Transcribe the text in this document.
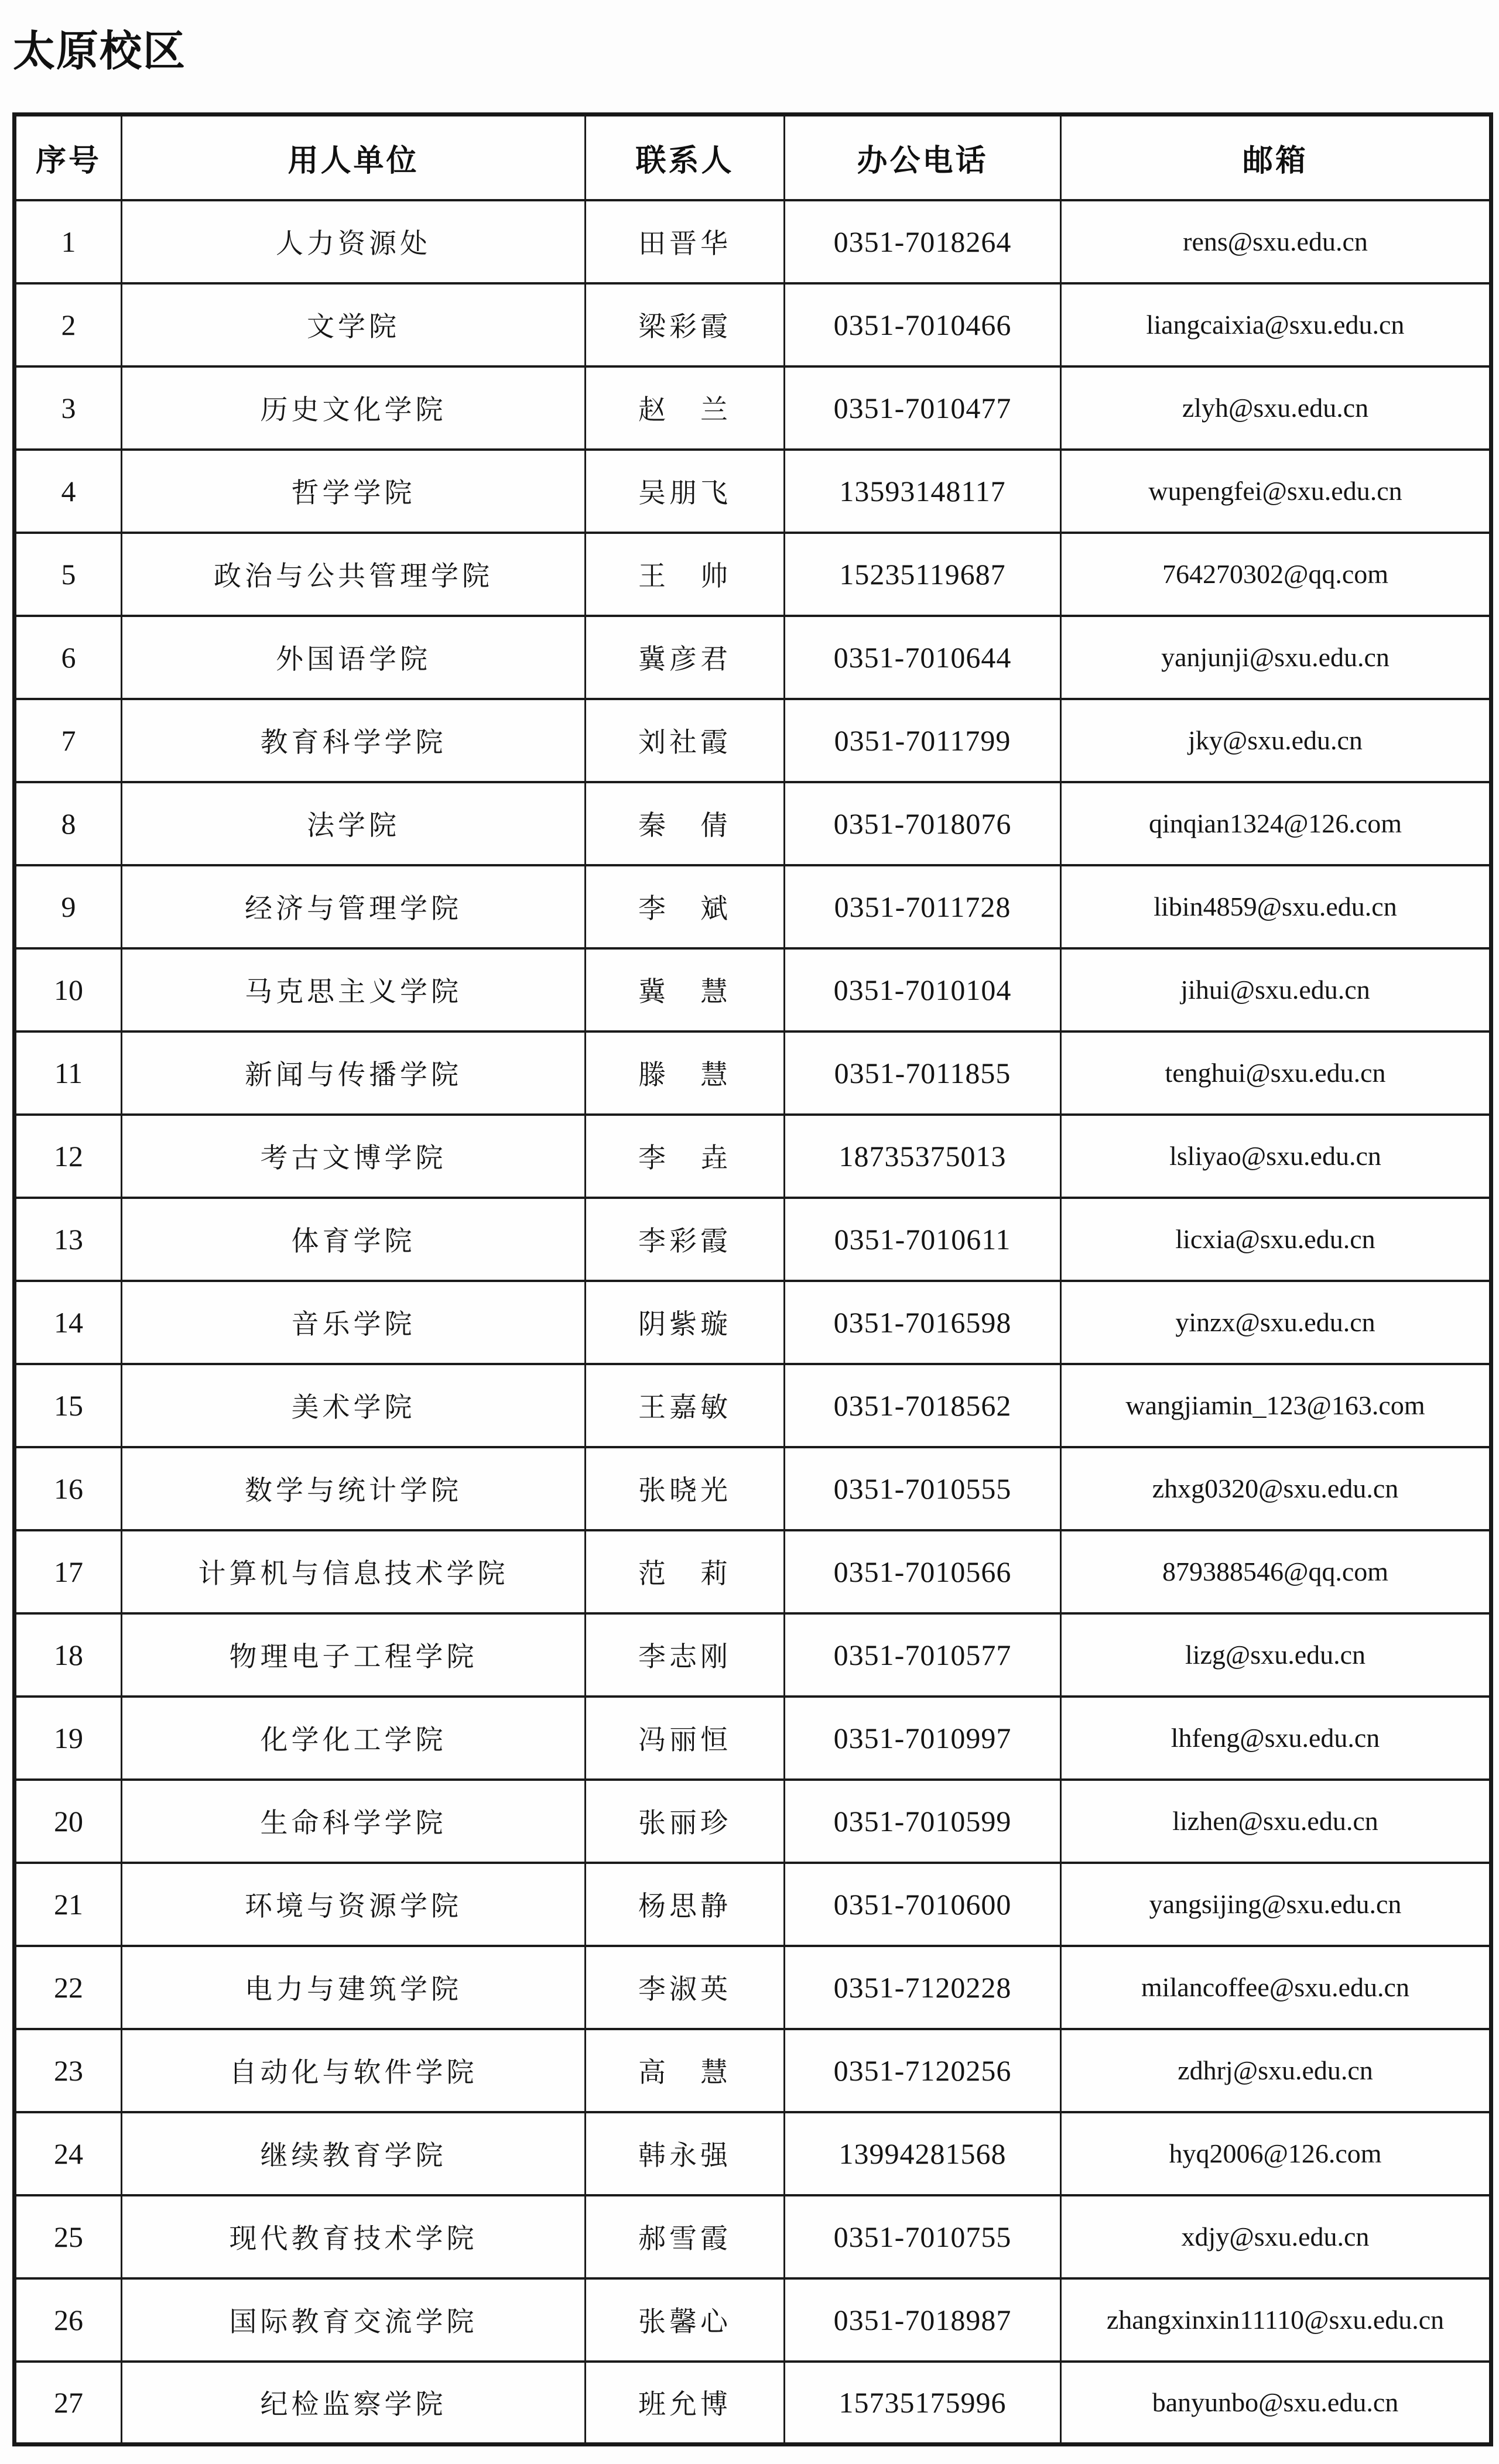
太原校区
序号	用人单位	联系人	办公电话	邮箱
1	人力资源处	田晋华	0351-7018264	rens@sxu.edu.cn
2	文学院	梁彩霞	0351-7010466	liangcaixia@sxu.edu.cn
3	历史文化学院	赵　兰	0351-7010477	zlyh@sxu.edu.cn
4	哲学学院	吴朋飞	13593148117	wupengfei@sxu.edu.cn
5	政治与公共管理学院	王　帅	15235119687	764270302@qq.com
6	外国语学院	冀彦君	0351-7010644	yanjunji@sxu.edu.cn
7	教育科学学院	刘社霞	0351-7011799	jky@sxu.edu.cn
8	法学院	秦　倩	0351-7018076	qinqian1324@126.com
9	经济与管理学院	李　斌	0351-7011728	libin4859@sxu.edu.cn
10	马克思主义学院	冀　慧	0351-7010104	jihui@sxu.edu.cn
11	新闻与传播学院	滕　慧	0351-7011855	tenghui@sxu.edu.cn
12	考古文博学院	李　垚	18735375013	lsliyao@sxu.edu.cn
13	体育学院	李彩霞	0351-7010611	licxia@sxu.edu.cn
14	音乐学院	阴紫璇	0351-7016598	yinzx@sxu.edu.cn
15	美术学院	王嘉敏	0351-7018562	wangjiamin_123@163.com
16	数学与统计学院	张晓光	0351-7010555	zhxg0320@sxu.edu.cn
17	计算机与信息技术学院	范　莉	0351-7010566	879388546@qq.com
18	物理电子工程学院	李志刚	0351-7010577	lizg@sxu.edu.cn
19	化学化工学院	冯丽恒	0351-7010997	lhfeng@sxu.edu.cn
20	生命科学学院	张丽珍	0351-7010599	lizhen@sxu.edu.cn
21	环境与资源学院	杨思静	0351-7010600	yangsijing@sxu.edu.cn
22	电力与建筑学院	李淑英	0351-7120228	milancoffee@sxu.edu.cn
23	自动化与软件学院	高　慧	0351-7120256	zdhrj@sxu.edu.cn
24	继续教育学院	韩永强	13994281568	hyq2006@126.com
25	现代教育技术学院	郝雪霞	0351-7010755	xdjy@sxu.edu.cn
26	国际教育交流学院	张馨心	0351-7018987	zhangxinxin11110@sxu.edu.cn
27	纪检监察学院	班允博	15735175996	banyunbo@sxu.edu.cn
